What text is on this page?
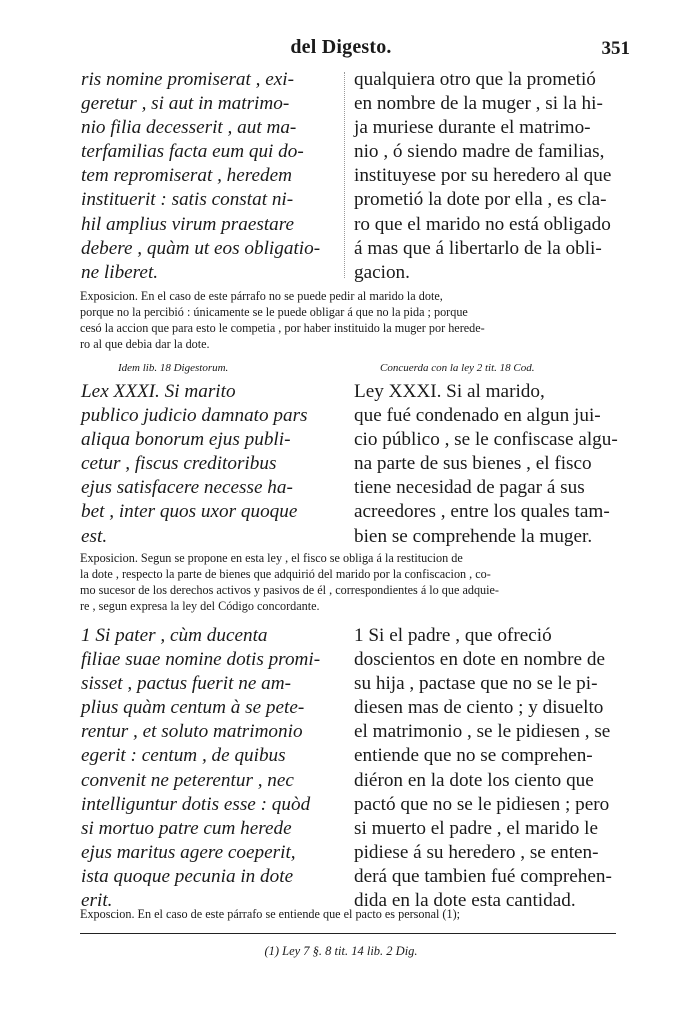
del Digesto.	351
ris nomine promiserat , exi-
geretur , si aut in matrimo-
nio filia decesserit , aut ma-
terfamilias facta eum qui do-
tem repromiserat , heredem
instituerit : satis constat ni-
hil amplius virum praestare
debere , quàm ut eos obligatio-
ne liberet.
qualquiera otro que la prometió
en nombre de la muger , si la hi-
ja muriese durante el matrimo-
nio , ó siendo madre de familias,
instituyese por su heredero al que
prometió la dote por ella , es cla-
ro que el marido no está obligado
á mas que á libertarlo de la obli-
gacion.
Exposicion. En el caso de este párrafo no se puede pedir al marido la dote,
porque no la percibió : únicamente se le puede obligar á que no la pida ; porque
cesó la accion que para esto le competia , por haber instituido la muger por herede-
ro al que debia dar la dote.
Idem lib. 18 Digestorum.	Concuerda con la ley 2 tit. 18 Cod.
Lex XXXI. Si marito
publico judicio damnato pars
aliqua bonorum ejus publi-
cetur , fiscus creditoribus
ejus satisfacere necesse ha-
bet , inter quos uxor quoque
est.
Ley XXXI. Si al marido,
que fué condenado en algun jui-
cio público , se le confiscase algu-
na parte de sus bienes , el fisco
tiene necesidad de pagar á sus
acreedores , entre los quales tam-
bien se comprehende la muger.
Exposicion. Segun se propone en esta ley , el fisco se obliga á la restitucion de
la dote , respecto la parte de bienes que adquirió del marido por la confiscacion , co-
mo sucesor de los derechos activos y pasivos de él , correspondientes á lo que adquie-
re , segun expresa la ley del Código concordante.
1 Si pater , cùm ducenta
filiae suae nomine dotis promi-
sisset , pactus fuerit ne am-
plius quàm centum à se pete-
rentur , et soluto matrimonio
egerit : centum , de quibus
convenit ne peterentur , nec
intelliguntur dotis esse : quòd
si mortuo patre cum herede
ejus maritus agere coeperit,
ista quoque pecunia in dote
erit.
1 Si el padre , que ofreció
doscientos en dote en nombre de
su hija , pactase que no se le pi-
diesen mas de ciento ; y disuelto
el matrimonio , se le pidiesen , se
entiende que no se comprehen-
diéron en la dote los ciento que
pactó que no se le pidiesen ; pero
si muerto el padre , el marido le
pidiese á su heredero , se enten-
derá que tambien fué comprehen-
dida en la dote esta cantidad.
Exposcion. En el caso de este párrafo se entiende que el pacto es personal (1);
(1) Ley 7 §. 8 tit. 14 lib. 2 Dig.
